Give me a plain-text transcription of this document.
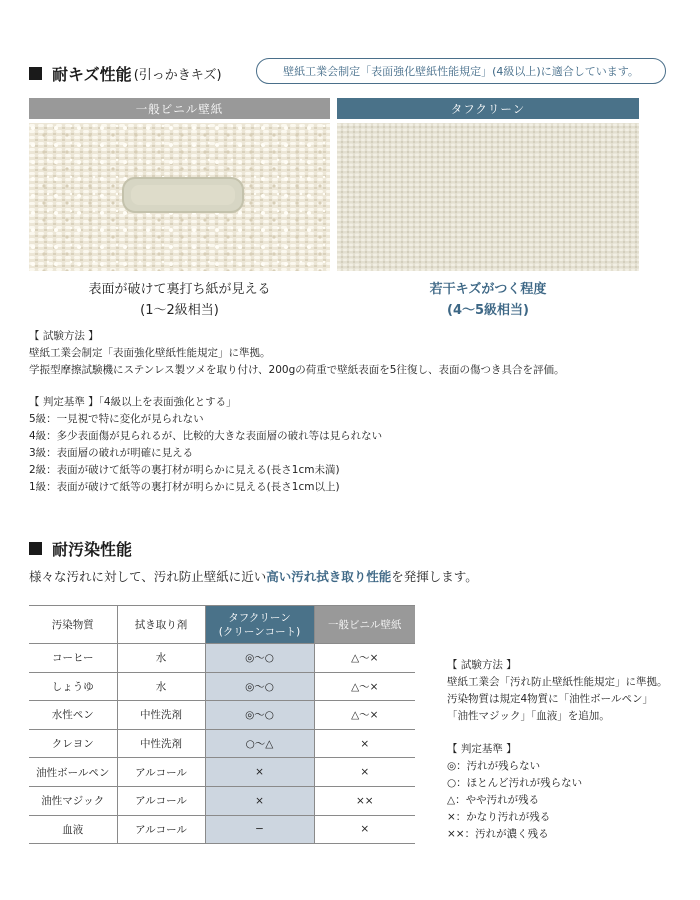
耐キズ性能 (引っかきキズ)	壁紙工業会制定「表面強化壁紙性能規定」(4級以上)に適合しています。
一般ビニル壁紙
表面が破けて裏打ち紙が見える
(1〜2級相当)
タフクリーン
若干キズがつく程度
(4〜5級相当)
【 試験方法 】
壁紙工業会制定「表面強化壁紙性能規定」に準拠。
学振型摩擦試験機にステンレス製ツメを取り付け、200gの荷重で壁紙表面を5往復し、表面の傷つき具合を評価。
【 判定基準 】「4級以上を表面強化とする」
5級：一見視で特に変化が見られない
4級：多少表面傷が見られるが、比較的大きな表面層の破れ等は見られない
3級：表面層の破れが明確に見える
2級：表面が破けて紙等の裏打材が明らかに見える(長さ1cm未満)
1級：表面が破けて紙等の裏打材が明らかに見える(長さ1cm以上)
耐汚染性能
様々な汚れに対して、汚れ防止壁紙に近い高い汚れ拭き取り性能を発揮します。
汚染物質	拭き取り剤	タフクリーン
(クリーンコート)	一般ビニル壁紙
コーヒー	水	◎〜○	△〜×
しょうゆ	水	◎〜○	△〜×
水性ペン	中性洗剤	◎〜○	△〜×
クレヨン	中性洗剤	○〜△	×
油性ボールペン	アルコール	×	×
油性マジック	アルコール	×	××
血液	アルコール	−	×
【 試験方法 】
壁紙工業会「汚れ防止壁紙性能規定」に準拠。
汚染物質は規定4物質に「油性ボールペン」
「油性マジック」「血液」を追加。
【 判定基準 】
◎：汚れが残らない
○：ほとんど汚れが残らない
△：やや汚れが残る
×：かなり汚れが残る
××：汚れが濃く残る
